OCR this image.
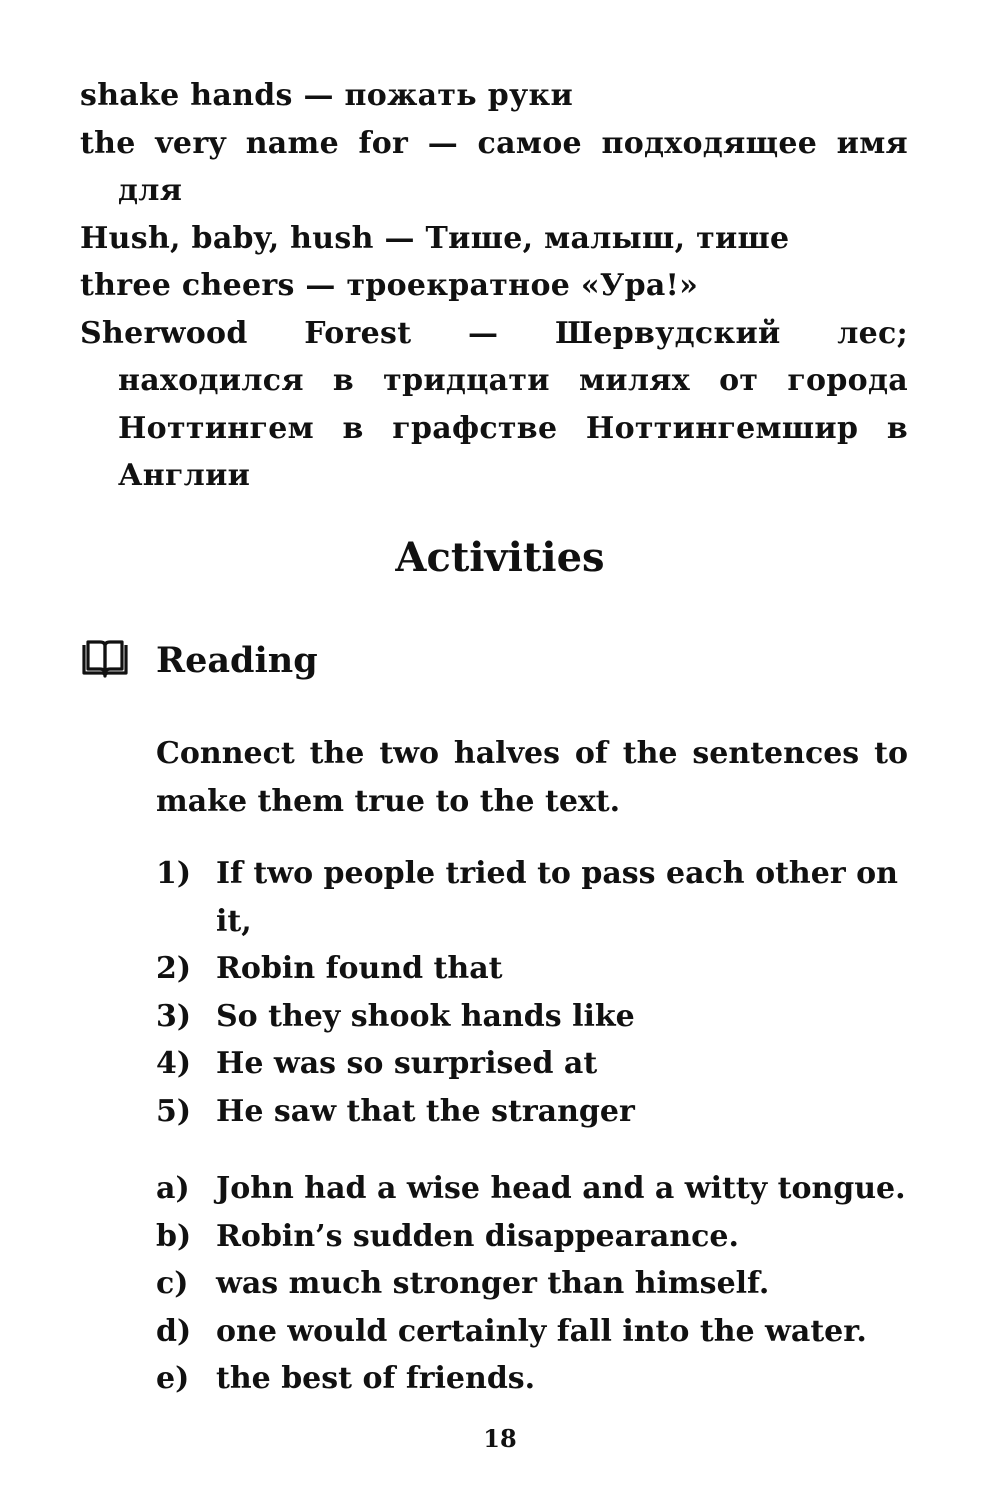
shake hands — пожать руки
the very name for — самое подходящее имя для
Hush, baby, hush — Тише, малыш, тише
three cheers — троекратное «Ура!»
Sherwood Forest — Шервудский лес; находился в тридцати милях от города Ноттингем в графстве Ноттингемшир в Англии
Activities
Reading
Connect the two halves of the sentences to make them true to the text.
1) If two people tried to pass each other on it,
2) Robin found that
3) So they shook hands like
4) He was so surprised at
5) He saw that the stranger
a) John had a wise head and a witty tongue.
b) Robin’s sudden disappearance.
c) was much stronger than himself.
d) one would certainly fall into the water.
e) the best of friends.
18
